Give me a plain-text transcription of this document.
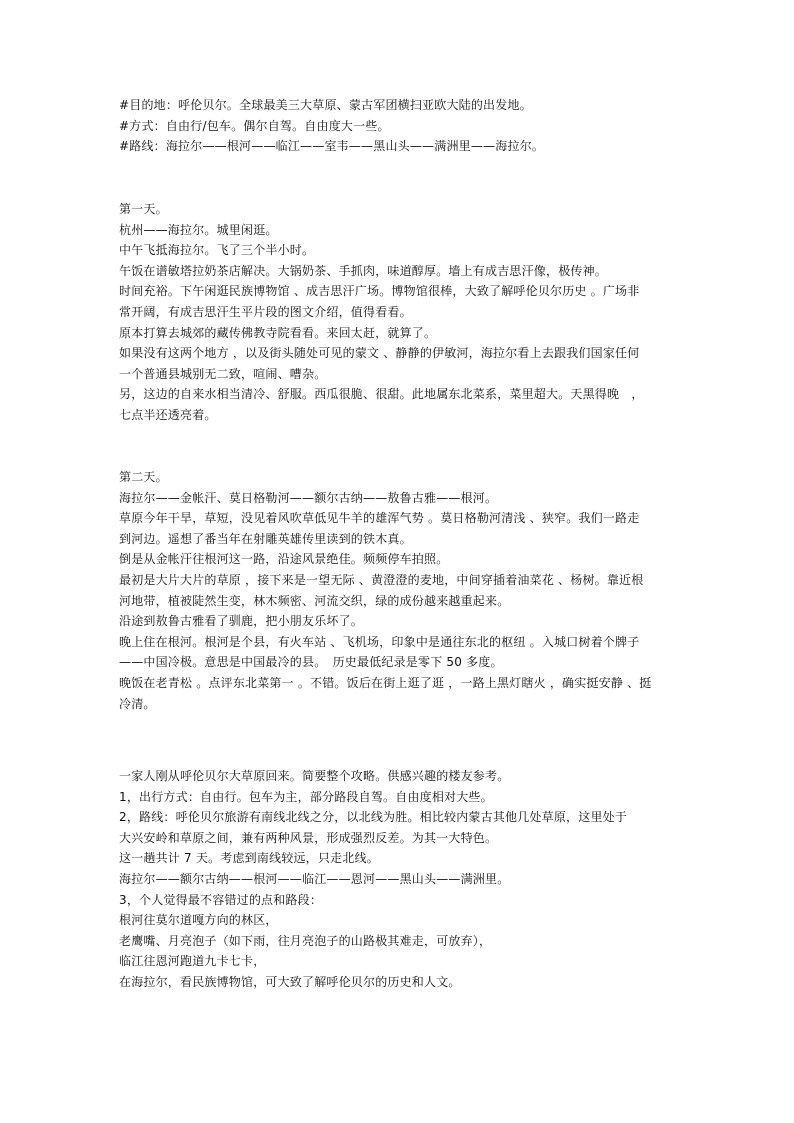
#目的地：呼伦贝尔。全球最美三大草原、蒙古军团横扫亚欧大陆的出发地。
#方式：自由行/包车。偶尔自驾。自由度大一些。
#路线：海拉尔——根河——临江——室韦——黑山头——满洲里——海拉尔。
第一天。
杭州——海拉尔。城里闲逛。
中午飞抵海拉尔。飞了三个半小时。
午饭在谱敏塔拉奶茶店解决。大锅奶茶、手抓肉，味道醇厚。墙上有成吉思汗像，极传神。
时间充裕。下午闲逛民族博物馆 、成吉思汗广场。博物馆很棒，大致了解呼伦贝尔历史 。广场非
常开阔，有成吉思汗生平片段的图文介绍，值得看看。
原本打算去城郊的藏传佛教寺院看看。来回太赶，就算了。
如果没有这两个地方 ，以及街头随处可见的蒙文 、静静的伊敏河，海拉尔看上去跟我们国家任何
一个普通县城别无二致，喧闹、嘈杂。
另，这边的自来水相当清冷、舒服。西瓜很脆、很甜。此地属东北菜系，菜里超大。天黑得晚　，
七点半还透亮着。
第二天。
海拉尔——金帐汗、莫日格勒河——额尔古纳——敖鲁古雅——根河。
草原今年干旱，草短，没见着风吹草低见牛羊的雄浑气势 。莫日格勒河清浅 、狭窄。我们一路走
到河边。遥想了番当年在射雕英雄传里读到的铁木真。
倒是从金帐汗往根河这一路，沿途风景绝佳。频频停车拍照。
最初是大片大片的草原 ，接下来是一望无际 、黄澄澄的麦地，中间穿插着油菜花 、杨树。靠近根
河地带，植被陡然生变，林木频密、河流交织，绿的成份越来越重起来。
沿途到敖鲁古雅看了驯鹿，把小朋友乐坏了。
晚上住在根河。根河是个县，有火车站 、飞机场，印象中是通往东北的枢纽 。入城口树着个牌子
——中国冷极。意思是中国最冷的县。　历史最低纪录是零下 50 多度。
晚饭在老青松 。点评东北菜第一 。不错。饭后在街上逛了逛 ，一路上黑灯瞎火 ，确实挺安静 、挺
冷清。
一家人刚从呼伦贝尔大草原回来。简要整个攻略。供感兴趣的楼友参考。
1，出行方式：自由行。包车为主，部分路段自驾。自由度相对大些。
2，路线：呼伦贝尔旅游有南线北线之分，以北线为胜。相比较内蒙古其他几处草原，这里处于
大兴安岭和草原之间，兼有两种风景，形成强烈反差。为其一大特色。
这一趟共计 7 天。考虑到南线较远，只走北线。
海拉尔——额尔古纳——根河——临江——恩河——黑山头——满洲里。
3，个人觉得最不容错过的点和路段：
根河往莫尔道嘎方向的林区，
老鹰嘴、月亮泡子（如下雨，往月亮泡子的山路极其难走，可放弃），
临江往恩河跑道九卡七卡，
在海拉尔，看民族博物馆，可大致了解呼伦贝尔的历史和人文。
